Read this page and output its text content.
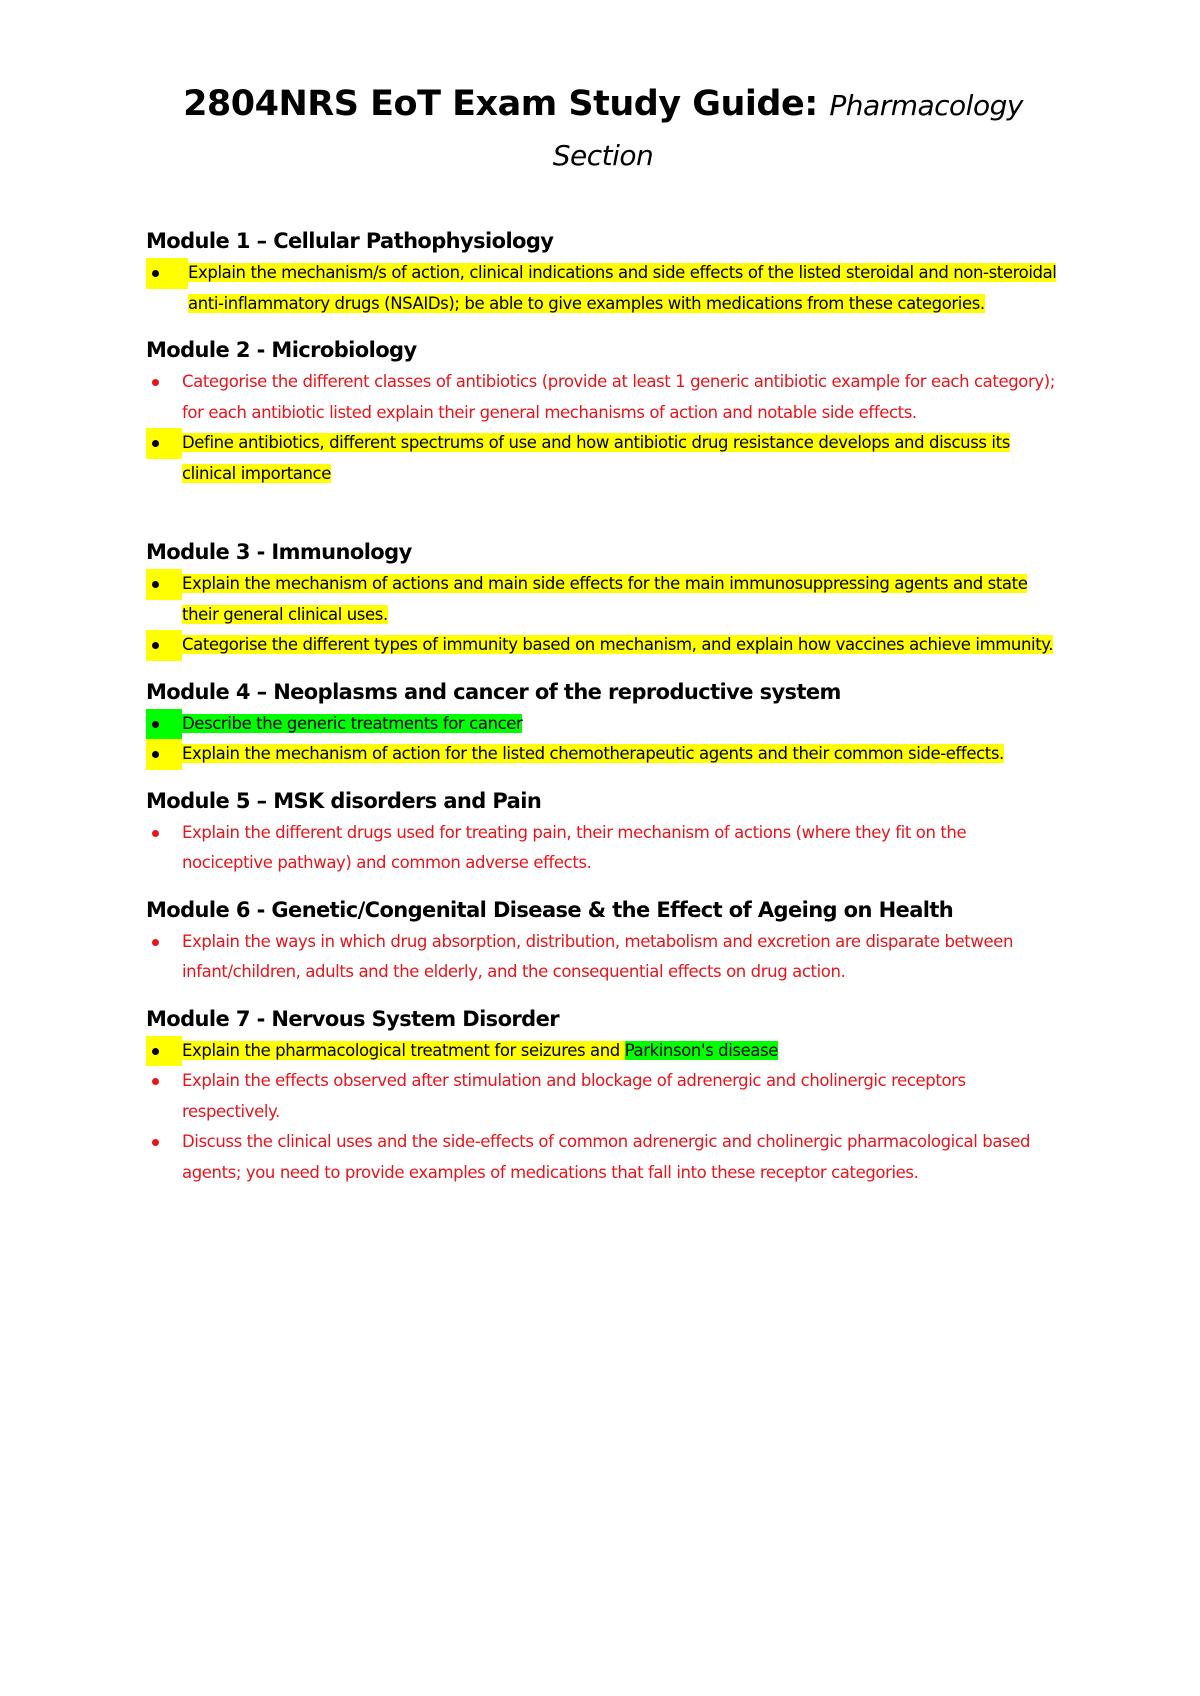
2804NRS EoT Exam Study Guide: Pharmacology Section
Module 1 – Cellular Pathophysiology

Explain the mechanism/s of action, clinical indications and side effects of the listed steroidal and non-steroidal anti-inflammatory drugs (NSAIDs); be able to give examples with medications from these categories.
Module 2 - Microbiology

Categorise the different classes of antibiotics (provide at least 1 generic antibiotic example for each category); for each antibiotic listed explain their general mechanisms of action and notable side effects.

Define antibiotics, different spectrums of use and how antibiotic drug resistance develops and discuss its clinical importance
Module 3 - Immunology

Explain the mechanism of actions and main side effects for the main immunosuppressing agents and state their general clinical uses.

Categorise the different types of immunity based on mechanism, and explain how vaccines achieve immunity.
Module 4 – Neoplasms and cancer of the reproductive system

Describe the generic treatments for cancer

Explain the mechanism of action for the listed chemotherapeutic agents and their common side-effects.
Module 5 – MSK disorders and Pain

Explain the different drugs used for treating pain, their mechanism of actions (where they fit on the nociceptive pathway) and common adverse effects.
Module 6 - Genetic/Congenital Disease & the Effect of Ageing on Health

Explain the ways in which drug absorption, distribution, metabolism and excretion are disparate between infant/children, adults and the elderly, and the consequential effects on drug action.
Module 7 - Nervous System Disorder

Explain the pharmacological treatment for seizures and Parkinson's disease

Explain the effects observed after stimulation and blockage of adrenergic and cholinergic receptors respectively.

Discuss the clinical uses and the side-effects of common adrenergic and cholinergic pharmacological based agents; you need to provide examples of medications that fall into these receptor categories.
